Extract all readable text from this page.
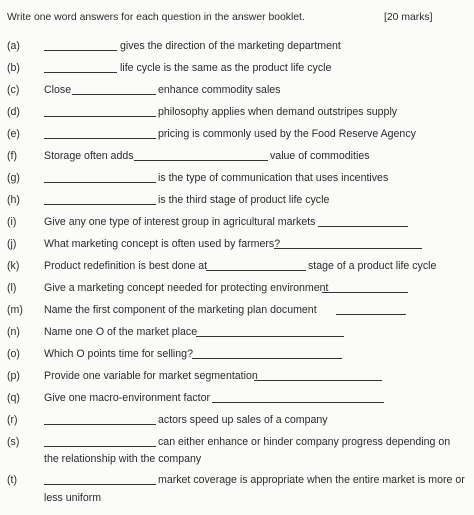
Write one word answers for each question in the answer booklet.	[20 marks]
(a)	gives the direction of the marketing department
(b)	life cycle is the same as the product life cycle
(c) Close	enhance commodity sales
(d)	philosophy applies when demand outstripes supply
(e)	pricing is commonly used by the Food Reserve Agency
(f)	Storage often adds	value of commodities
(g)	is the type of communication that uses incentives
(h)	is the third stage of product life cycle
(i)	Give any one type of interest group in agricultural markets
(j)	What marketing concept is often used by farmers?
(k) Product redefinition is best done at	stage of a product life cycle
(l)	Give a marketing concept needed for protecting environment
(m) Name the first component of the marketing plan document
(n) Name one O of the market place
(o) Which O points time for selling?
(p) Provide one variable for market segmentation
(q) Give one macro-environment factor
(r)	actors speed up sales of a company
(s)	can either enhance or hinder company progress depending on
the relationship with the company
(t)	market coverage is appropriate when the entire market is more or
less uniform
